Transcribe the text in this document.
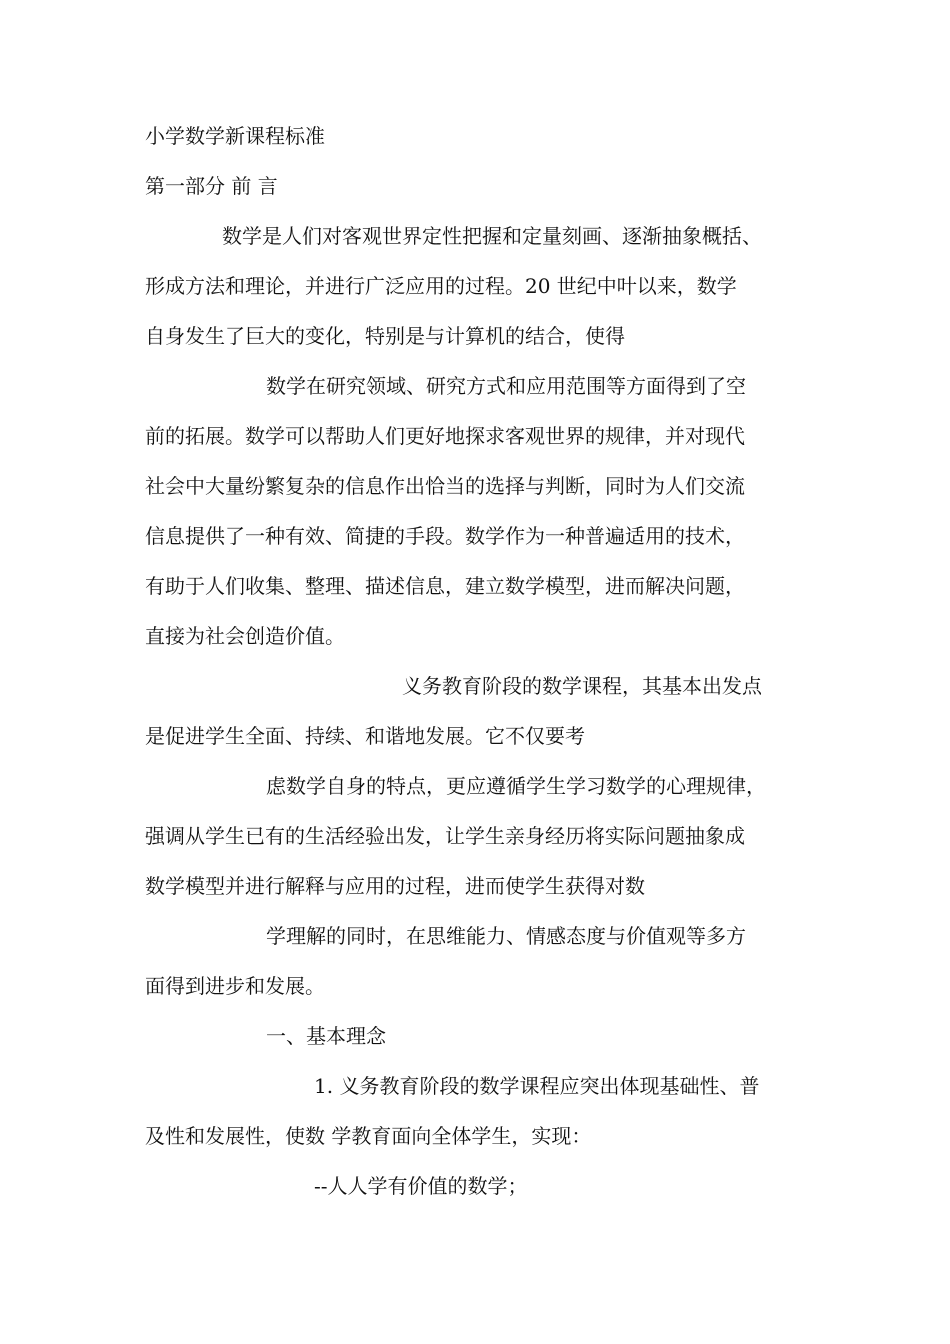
小学数学新课程标准
第一部分 前 言
数学是人们对客观世界定性把握和定量刻画、逐渐抽象概括、
形成方法和理论，并进行广泛应用的过程。20 世纪中叶以来，数学
自身发生了巨大的变化，特别是与计算机的结合，使得
数学在研究领域、研究方式和应用范围等方面得到了空
前的拓展。数学可以帮助人们更好地探求客观世界的规律，并对现代
社会中大量纷繁复杂的信息作出恰当的选择与判断，同时为人们交流
信息提供了一种有效、简捷的手段。数学作为一种普遍适用的技术，
有助于人们收集、整理、描述信息，建立数学模型，进而解决问题，
直接为社会创造价值。
义务教育阶段的数学课程，其基本出发点
是促进学生全面、持续、和谐地发展。它不仅要考
虑数学自身的特点，更应遵循学生学习数学的心理规律，
强调从学生已有的生活经验出发，让学生亲身经历将实际问题抽象成
数学模型并进行解释与应用的过程，进而使学生获得对数
学理解的同时，在思维能力、情感态度与价值观等多方
面得到进步和发展。
一、基本理念
1. 义务教育阶段的数学课程应突出体现基础性、普
及性和发展性，使数 学教育面向全体学生，实现：
--人人学有价值的数学；
